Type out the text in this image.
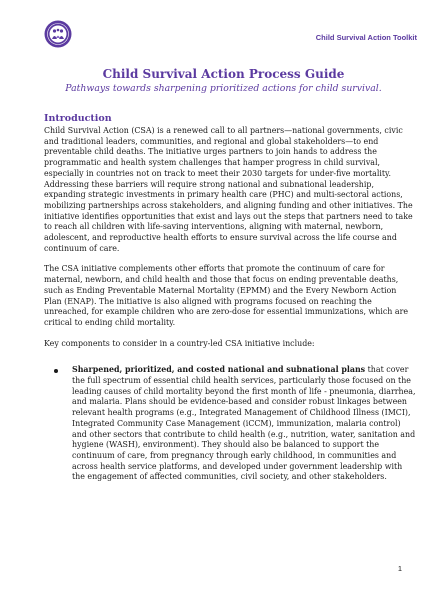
Child Survival Action Toolkit
Child Survival Action Process Guide
Pathways towards sharpening prioritized actions for child survival.
Introduction

Child Survival Action (CSA) is a renewed call to all partners—national governments, civic and traditional leaders, communities, and regional and global stakeholders—to end preventable child deaths. The initiative urges partners to join hands to address the programmatic and health system challenges that hamper progress in child survival, especially in countries not on track to meet their 2030 targets for under-five mortality. Addressing these barriers will require strong national and subnational leadership, expanding strategic investments in primary health care (PHC) and multi-sectoral actions, mobilizing partnerships across stakeholders, and aligning funding and other initiatives. The initiative identifies opportunities that exist and lays out the steps that partners need to take to reach all children with life-saving interventions, aligning with maternal, newborn, adolescent, and reproductive health efforts to ensure survival across the life course and continuum of care.

The CSA initiative complements other efforts that promote the continuum of care for maternal, newborn, and child health and those that focus on ending preventable deaths, such as Ending Preventable Maternal Mortality (EPMM) and the Every Newborn Action Plan (ENAP). The initiative is also aligned with programs focused on reaching the unreached, for example children who are zero-dose for essential immunizations, which are critical to ending child mortality.

Key components to consider in a country-led CSA initiative include:

Sharpened, prioritized, and costed national and subnational plans that cover the full spectrum of essential child health services, particularly those focused on the leading causes of child mortality beyond the first month of life - pneumonia, diarrhea, and malaria. Plans should be evidence-based and consider robust linkages between relevant health programs (e.g., Integrated Management of Childhood Illness (IMCI), Integrated Community Case Management (iCCM), immunization, malaria control) and other sectors that contribute to child health (e.g., nutrition, water, sanitation and hygiene (WASH), environment). They should also be balanced to support the continuum of care, from pregnancy through early childhood, in communities and across health service platforms, and developed under government leadership with the engagement of affected communities, civil society, and other stakeholders.
1
